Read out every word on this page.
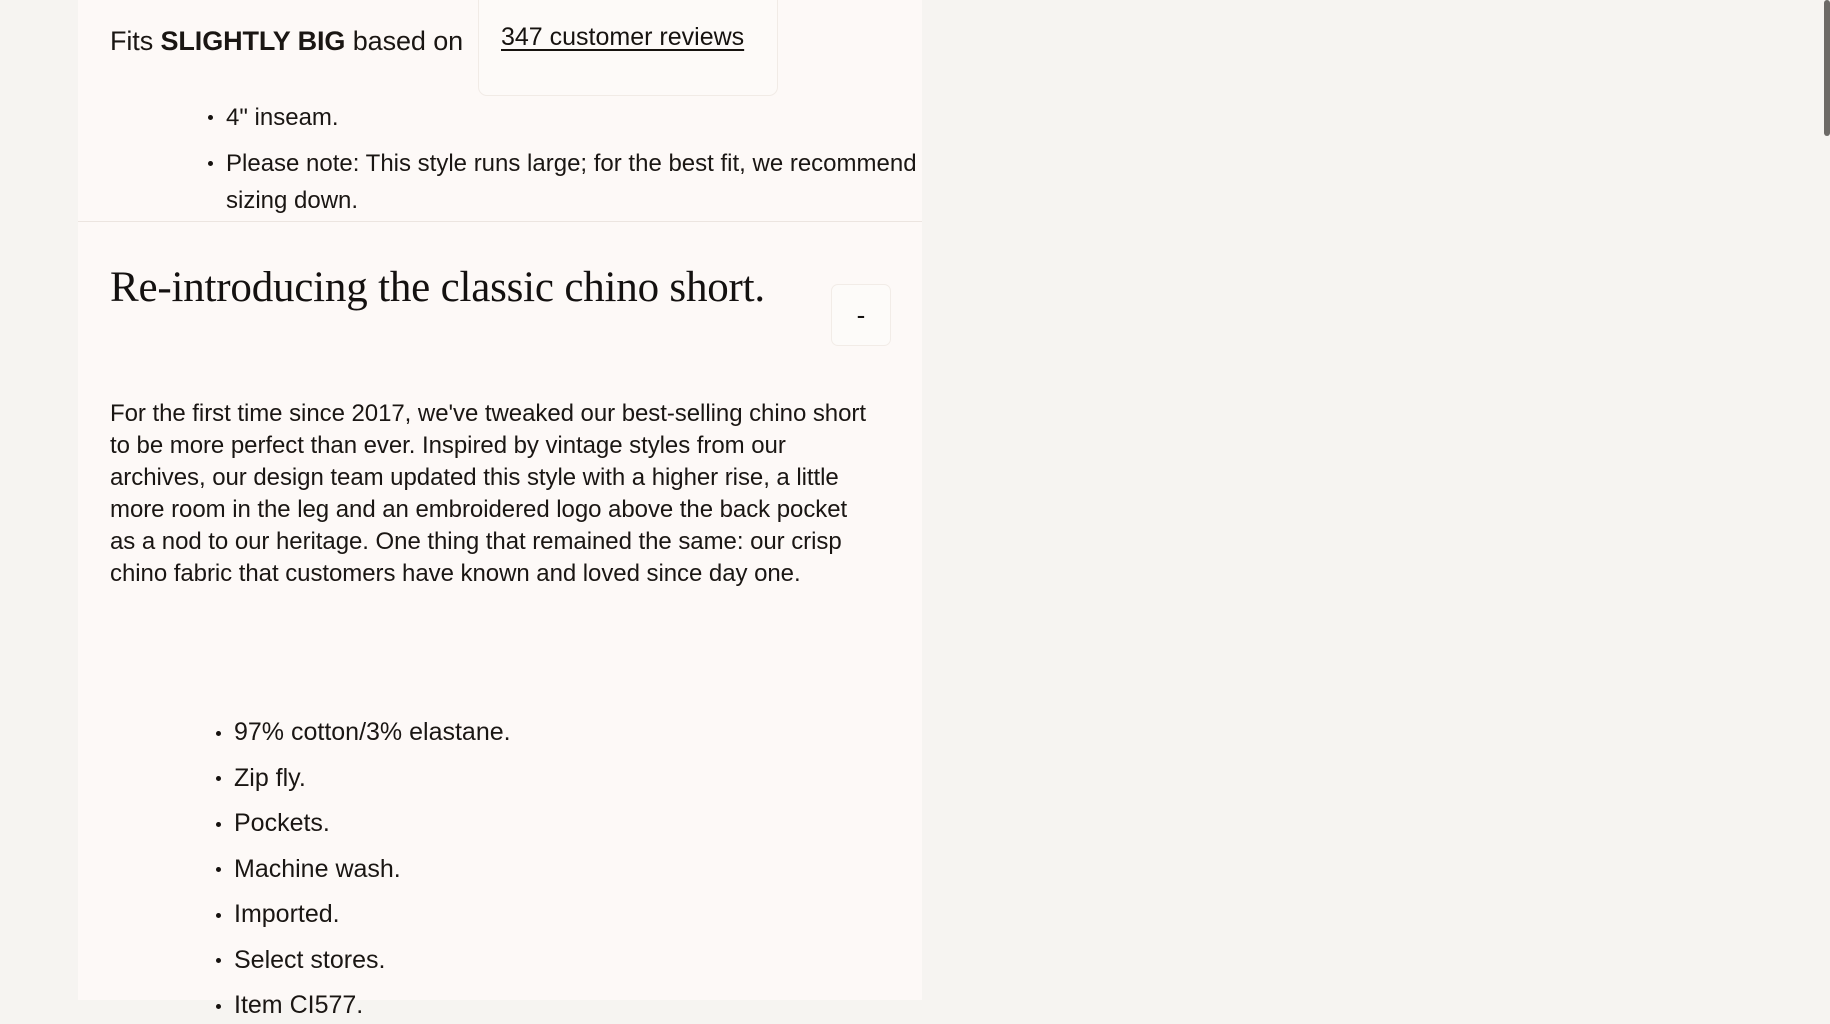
Fits SLIGHTLY BIG based on 347 customer reviews
4" inseam.
Please note: This style runs large; for the best fit, we recommend sizing down.
Re-introducing the classic chino short.
-

For the first time since 2017, we've tweaked our best-selling chino short to be more perfect than ever. Inspired by vintage styles from our archives, our design team updated this style with a higher rise, a little more room in the leg and an embroidered logo above the back pocket as a nod to our heritage. One thing that remained the same: our crisp chino fabric that customers have known and loved since day one.

97% cotton/3% elastane.
Zip fly.
Pockets.
Machine wash.
Imported.
Select stores.
Item CI577.
